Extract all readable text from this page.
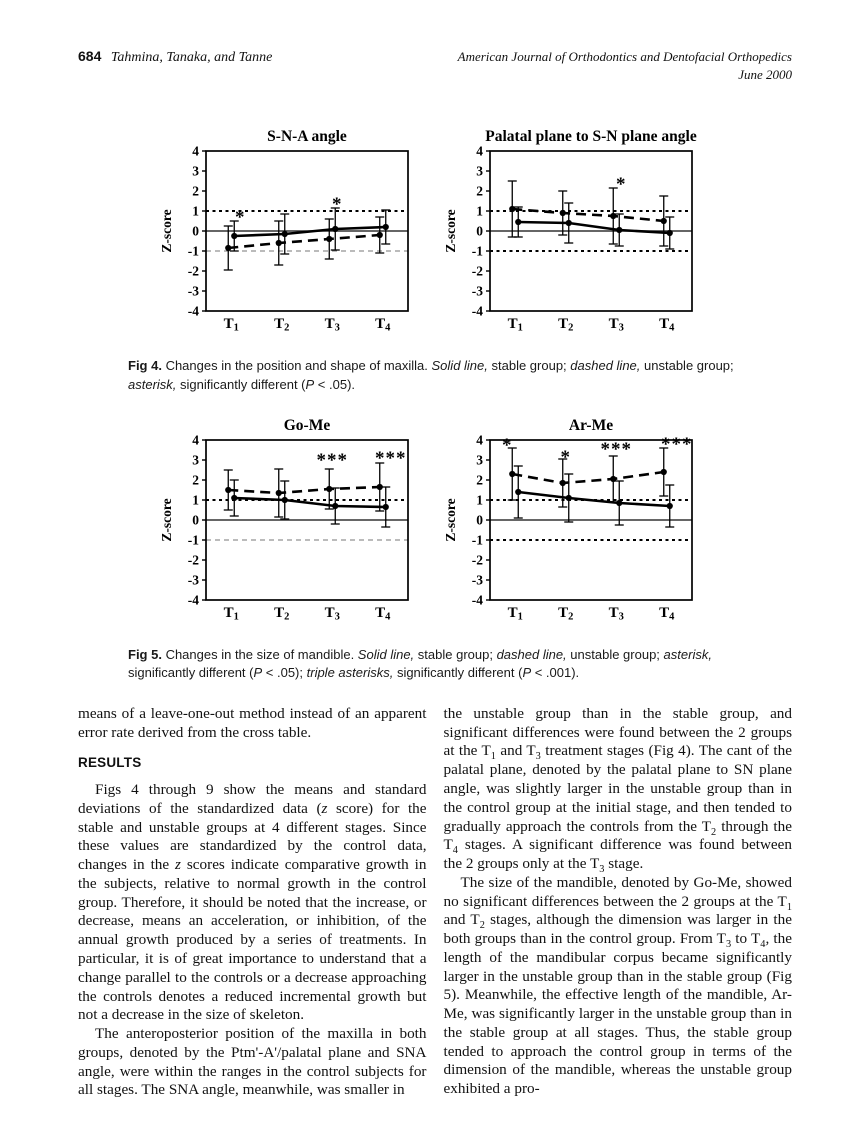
684 Tahmina, Tanaka, and Tanne	American Journal of Orthodontics and Dentofacial Orthopedics
June 2000
-4
-3
-2
-1
0
1
2
3
4
T1 T2 T3 T4
*
*
S-N-A angle
Z-score
-4
-3
-2
-1
0
1
2
3
4
T1 T2 T3 T4
*
Palatal plane to S-N plane angle
Z-score
Fig 4. Changes in the position and shape of maxilla. Solid line, stable group; dashed line, unstable group; asterisk, significantly different (P < .05).
-4
-3
-2
-1
0
1
2
3
4
T1 T2 T3 T4
*** ***
Go-Me
Z-score
-4
-3
-2
-1
0
1
2
3
4
T1 T2 T3 T4
*
* *** ***
Ar-Me
Z-score
Fig 5. Changes in the size of mandible. Solid line, stable group; dashed line, unstable group; asterisk, significantly different (P < .05); triple asterisks, significantly different (P < .001).

means of a leave-one-out method instead of an apparent error rate derived from the cross table.

RESULTS

Figs 4 through 9 show the means and standard deviations of the standardized data (z score) for the stable and unstable groups at 4 different stages. Since these values are standardized by the control data, changes in the z scores indicate comparative growth in the subjects, relative to normal growth in the control group. Therefore, it should be noted that the increase, or decrease, means an acceleration, or inhibition, of the annual growth produced by a series of treatments. In particular, it is of great importance to understand that a change parallel to the controls or a decrease approaching the controls denotes a reduced incremental growth but not a decrease in the size of skeleton.

The anteroposterior position of the maxilla in both groups, denoted by the Ptm'-A'/palatal plane and SNA angle, were within the ranges in the control subjects for all stages. The SNA angle, meanwhile, was smaller in

the unstable group than in the stable group, and significant differences were found between the 2 groups at the $T_1$ and $T_3$ treatment stages (Fig 4). The cant of the palatal plane, denoted by the palatal plane to SN plane angle, was slightly larger in the unstable group than in the control group at the initial stage, and then tended to gradually approach the controls from the $T_2$ through the $T_4$ stages. A significant difference was found between the 2 groups only at the $T_3$ stage.

The size of the mandible, denoted by Go-Me, showed no significant differences between the 2 groups at the $T_1$ and $T_2$ stages, although the dimension was larger in the both groups than in the control group. From $T_3$ to $T_4$, the length of the mandibular corpus became significantly larger in the unstable group than in the stable group (Fig 5). Meanwhile, the effective length of the mandible, Ar-Me, was significantly larger in the unstable group than in the stable group at all stages. Thus, the stable group tended to approach the control group in terms of the dimension of the mandible, whereas the unstable group exhibited a pro-
